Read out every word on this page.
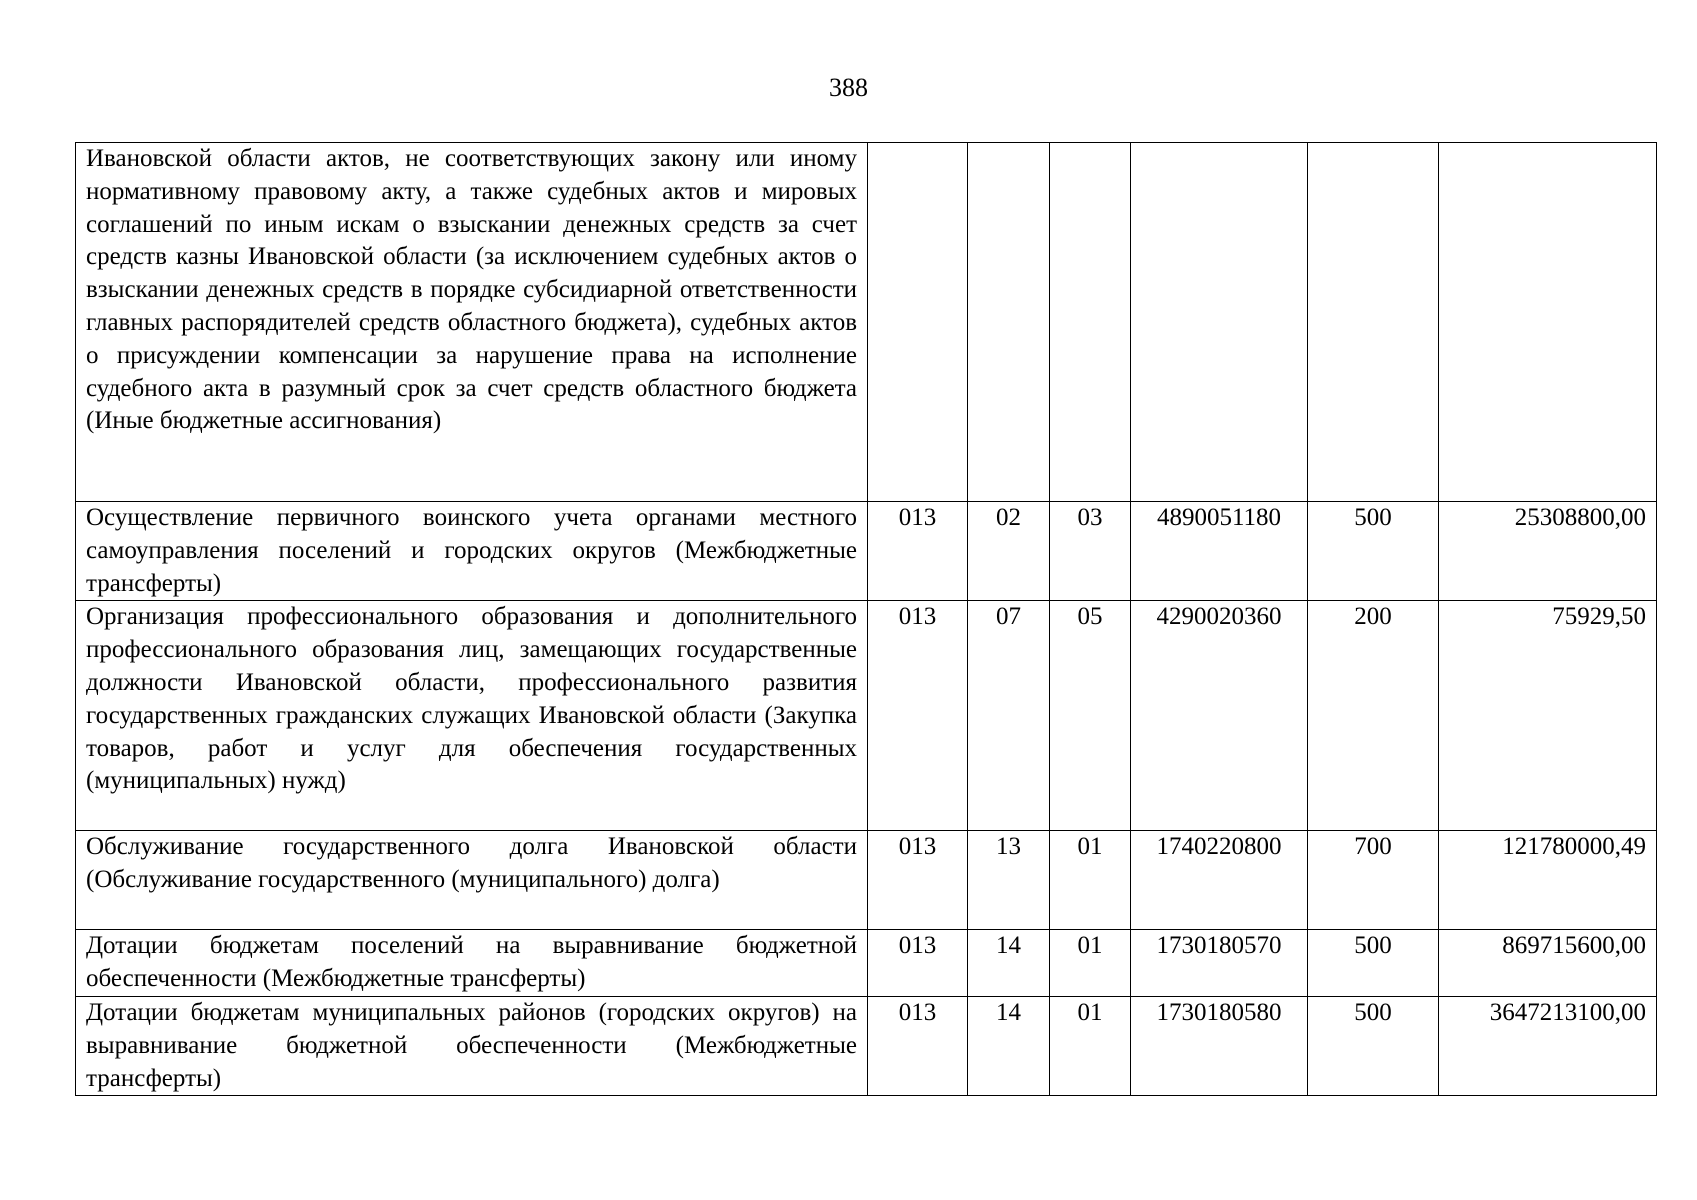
388
Ивановской области актов, не соответствующих закону или иному нормативному правовому акту, а также судебных актов и мировых соглашений по иным искам о взыскании денежных средств за счет средств казны Ивановской области (за исключением судебных актов о взыскании денежных средств в порядке субсидиарной ответственности главных распорядителей средств областного бюджета), судебных актов о присуждении компенсации за нарушение права на исполнение судебного акта в разумный срок за счет средств областного бюджета (Иные бюджетные ассигнования)						
Осуществление первичного воинского учета органами местного самоуправления поселений и городских округов (Межбюджетные трансферты)	013	02	03	4890051180	500	25308800,00
Организация профессионального образования и дополнительного профессионального образования лиц, замещающих государственные должности Ивановской области, профессионального развития государственных гражданских служащих Ивановской области (Закупка товаров, работ и услуг для обеспечения государственных (муниципальных) нужд)	013	07	05	4290020360	200	75929,50
Обслуживание государственного долга Ивановской области (Обслуживание государственного (муниципального) долга)	013	13	01	1740220800	700	121780000,49
Дотации бюджетам поселений на выравнивание бюджетной обеспеченности (Межбюджетные трансферты)	013	14	01	1730180570	500	869715600,00
Дотации бюджетам муниципальных районов (городских округов) на выравнивание бюджетной обеспеченности (Межбюджетные трансферты)	013	14	01	1730180580	500	3647213100,00
